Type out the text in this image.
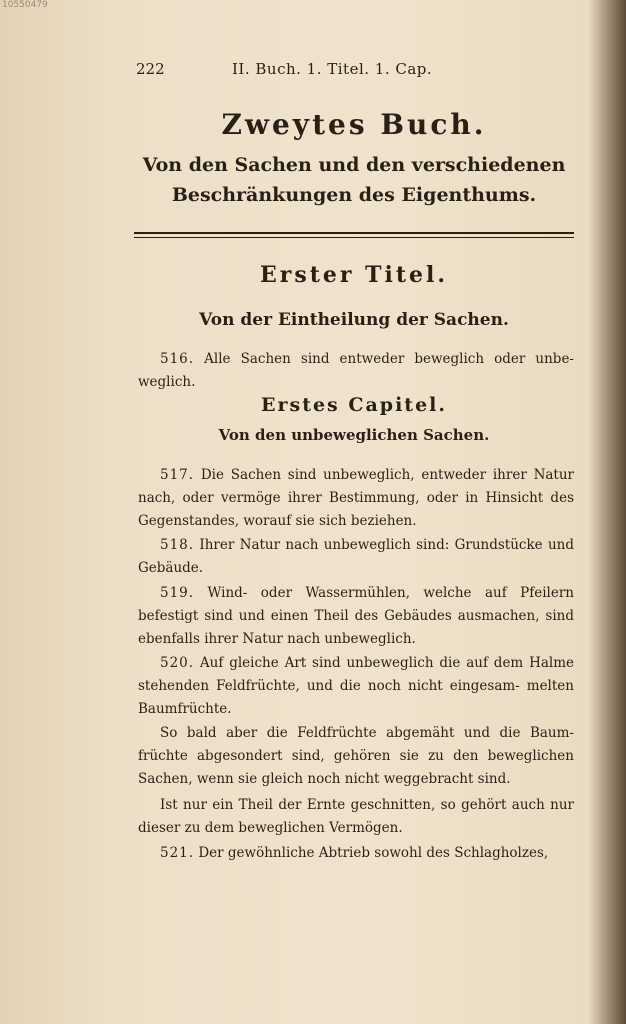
10550479
222	II. Buch. 1. Titel. 1. Cap.
Zweytes Buch.
Von den Sachen und den verschiedenen
Beschränkungen des Eigenthums.
Erster Titel.
Von der Eintheilung der Sachen.
516. Alle Sachen sind entweder beweglich oder unbe- weglich.
Erstes Capitel.
Von den unbeweglichen Sachen.
517. Die Sachen sind unbeweglich, entweder ihrer Natur nach, oder vermöge ihrer Bestimmung, oder in Hinsicht des Gegenstandes, worauf sie sich beziehen.
518. Ihrer Natur nach unbeweglich sind: Grundstücke und Gebäude.
519. Wind- oder Wassermühlen, welche auf Pfeilern befestigt sind und einen Theil des Gebäudes ausmachen, sind ebenfalls ihrer Natur nach unbeweglich.
520. Auf gleiche Art sind unbeweglich die auf dem Halme stehenden Feldfrüchte, und die noch nicht eingesam- melten Baumfrüchte.
So bald aber die Feldfrüchte abgemäht und die Baum- früchte abgesondert sind, gehören sie zu den beweglichen Sachen, wenn sie gleich noch nicht weggebracht sind.
Ist nur ein Theil der Ernte geschnitten, so gehört auch nur dieser zu dem beweglichen Vermögen.
521. Der gewöhnliche Abtrieb sowohl des Schlagholzes,
